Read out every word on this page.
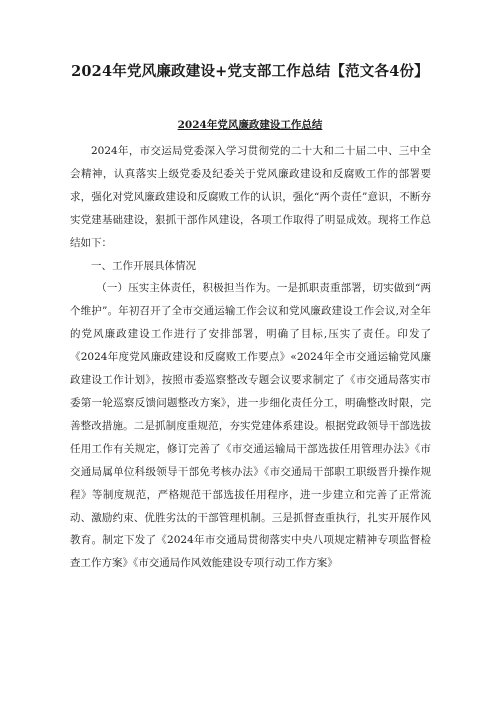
2024年党风廉政建设+党支部工作总结【范文各4份】
2024年党风廉政建设工作总结

2024年，市交运局党委深入学习贯彻党的二十大和二十届二中、三中全会精神，认真落实上级党委及纪委关于党风廉政建设和反腐败工作的部署要求，强化对党风廉政建设和反腐败工作的认识，强化“两个责任”意识，不断夯实党建基础建设，狠抓干部作风建设，各项工作取得了明显成效。现将工作总结如下：

一、工作开展具体情况

（一）压实主体责任，积极担当作为。一是抓职责重部署，切实做到“两个维护”。年初召开了全市交通运输工作会议和党风廉政建设工作会议,对全年的党风廉政建设工作进行了安排部署，明确了目标,压实了责任。印发了《2024年度党风廉政建设和反腐败工作要点》«2024年全市交通运输党风廉政建设工作计划》，按照市委巡察整改专题会议要求制定了《市交通局落实市委第一轮巡察反馈问题整改方案》，进一步细化责任分工，明确整改时限，完善整改措施。二是抓制度重规范，夯实党建体系建设。根据党政领导干部选拔任用工作有关规定，修订完善了《市交通运输局干部选拔任用管理办法》《市交通局属单位科级领导干部免考核办法》《市交通局干部职工职级晋升操作规程》等制度规范，严格规范干部选拔任用程序，进一步建立和完善了正常流动、激励约束、优胜劣汰的干部管理机制。三是抓督查重执行，扎实开展作风教育。制定下发了《2024年市交通局贯彻落实中央八项规定精神专项监督检查工作方案》《市交通局作风效能建设专项行动工作方案》
